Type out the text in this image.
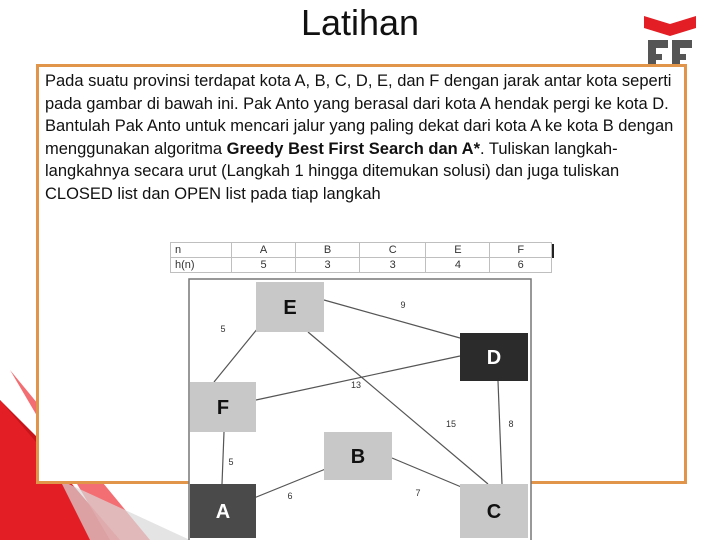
Latihan

Pada suatu provinsi terdapat kota A, B, C, D, E, dan F dengan jarak antar kota seperti pada gambar di bawah ini. Pak Anto yang berasal dari kota A hendak pergi ke kota D. Bantulah Pak Anto untuk mencari jalur yang paling dekat dari kota A ke kota B dengan menggunakan algoritma Greedy Best First Search dan A*. Tuliskan langkah-langkahnya secara urut (Langkah 1 hingga ditemukan solusi) dan juga tuliskan CLOSED list dan OPEN list pada tiap langkah

n	A	B	C	E	F
h(n)	5	3	3	4	6
9
5
13
15	8
5
6	7
E
D
F
B
A	C
